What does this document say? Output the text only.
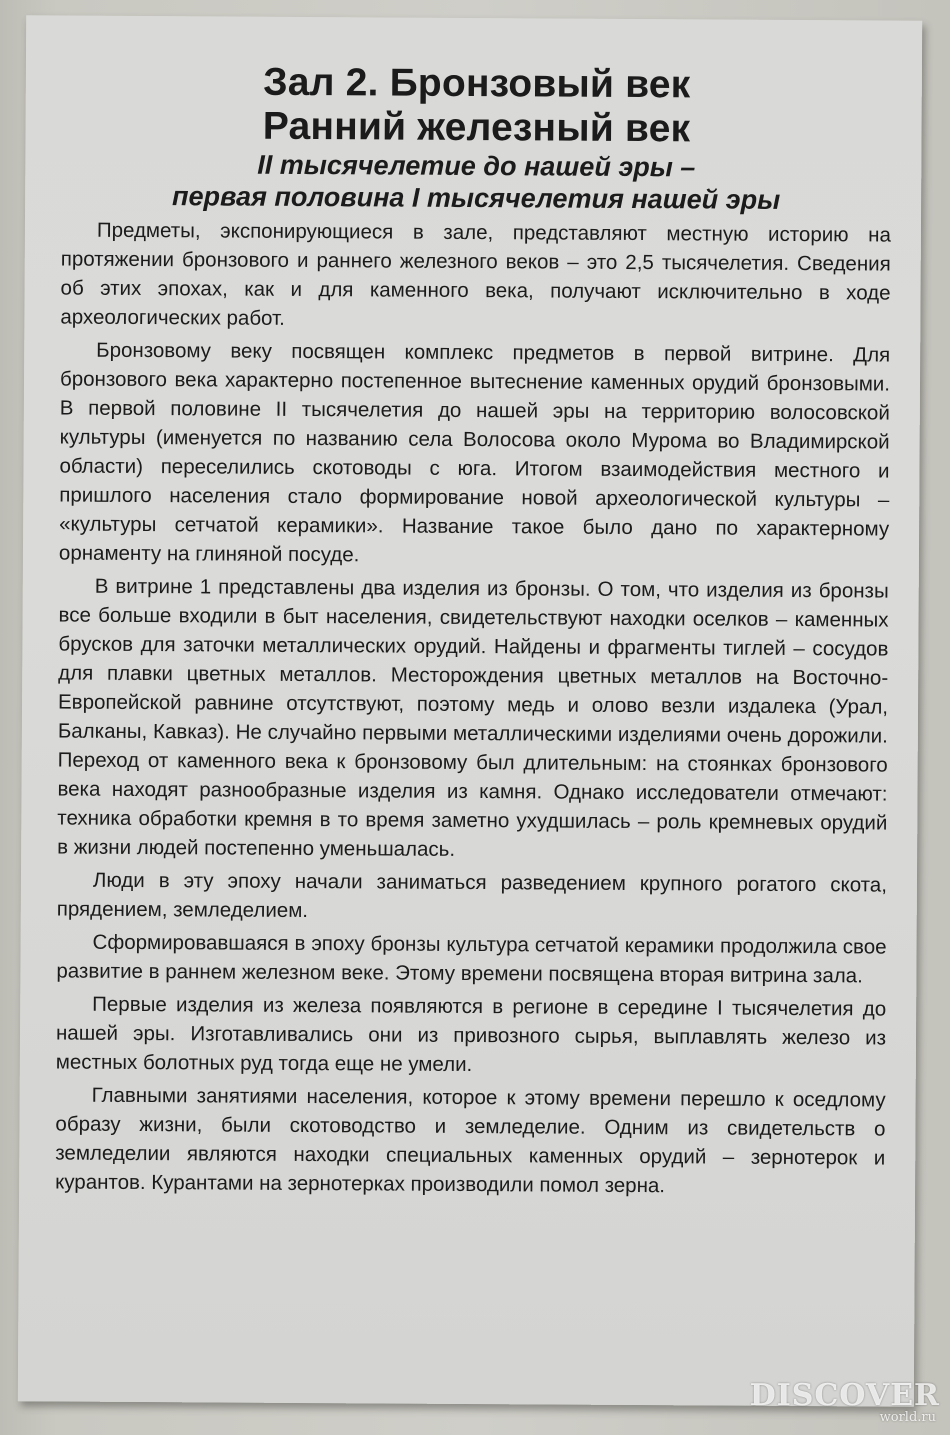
Зал 2. Бронзовый век
Ранний железный век
II тысячелетие до нашей эры –
первая половина I тысячелетия нашей эры

Предметы, экспонирующиеся в зале, представляют местную историю на протяжении бронзового и раннего железного веков – это 2,5 тысячелетия. Сведения об этих эпохах, как и для каменного века, получают исключительно в ходе археологических работ.

Бронзовому веку посвящен комплекс предметов в первой витрине. Для бронзового века характерно постепенное вытеснение каменных орудий бронзовыми. В первой половине II тысячелетия до нашей эры на территорию волосовской культуры (именуется по названию села Волосова около Мурома во Владимирской области) переселились скотоводы с юга. Итогом взаимодействия местного и пришлого населения стало формирование новой археологической культуры – «культуры сетчатой керамики». Название такое было дано по характерному орнаменту на глиняной посуде.

В витрине 1 представлены два изделия из бронзы. О том, что изделия из бронзы все больше входили в быт населения, свидетельствуют находки оселков – каменных брусков для заточки металлических орудий. Найдены и фрагменты тиглей – сосудов для плавки цветных металлов. Месторождения цветных металлов на Восточно-Европейской равнине отсутствуют, поэтому медь и олово везли издалека (Урал, Балканы, Кавказ). Не случайно первыми металлическими изделиями очень дорожили. Переход от каменного века к бронзовому был длительным: на стоянках бронзового века находят разнообразные изделия из камня. Однако исследователи отмечают: техника обработки кремня в то время заметно ухудшилась – роль кремневых орудий в жизни людей постепенно уменьшалась.

Люди в эту эпоху начали заниматься разведением крупного рогатого скота, прядением, земледелием.

Сформировавшаяся в эпоху бронзы культура сетчатой керамики продолжила свое развитие в раннем железном веке. Этому времени посвящена вторая витрина зала.

Первые изделия из железа появляются в регионе в середине I тысячелетия до нашей эры. Изготавливались они из привозного сырья, выплавлять железо из местных болотных руд тогда еще не умели.

Главными занятиями населения, которое к этому времени перешло к оседлому образу жизни, были скотоводство и земледелие. Одним из свидетельств о земледелии являются находки специальных каменных орудий – зернотерок и курантов. Курантами на зернотерках производили помол зерна.

DISCOVER
world.ru
